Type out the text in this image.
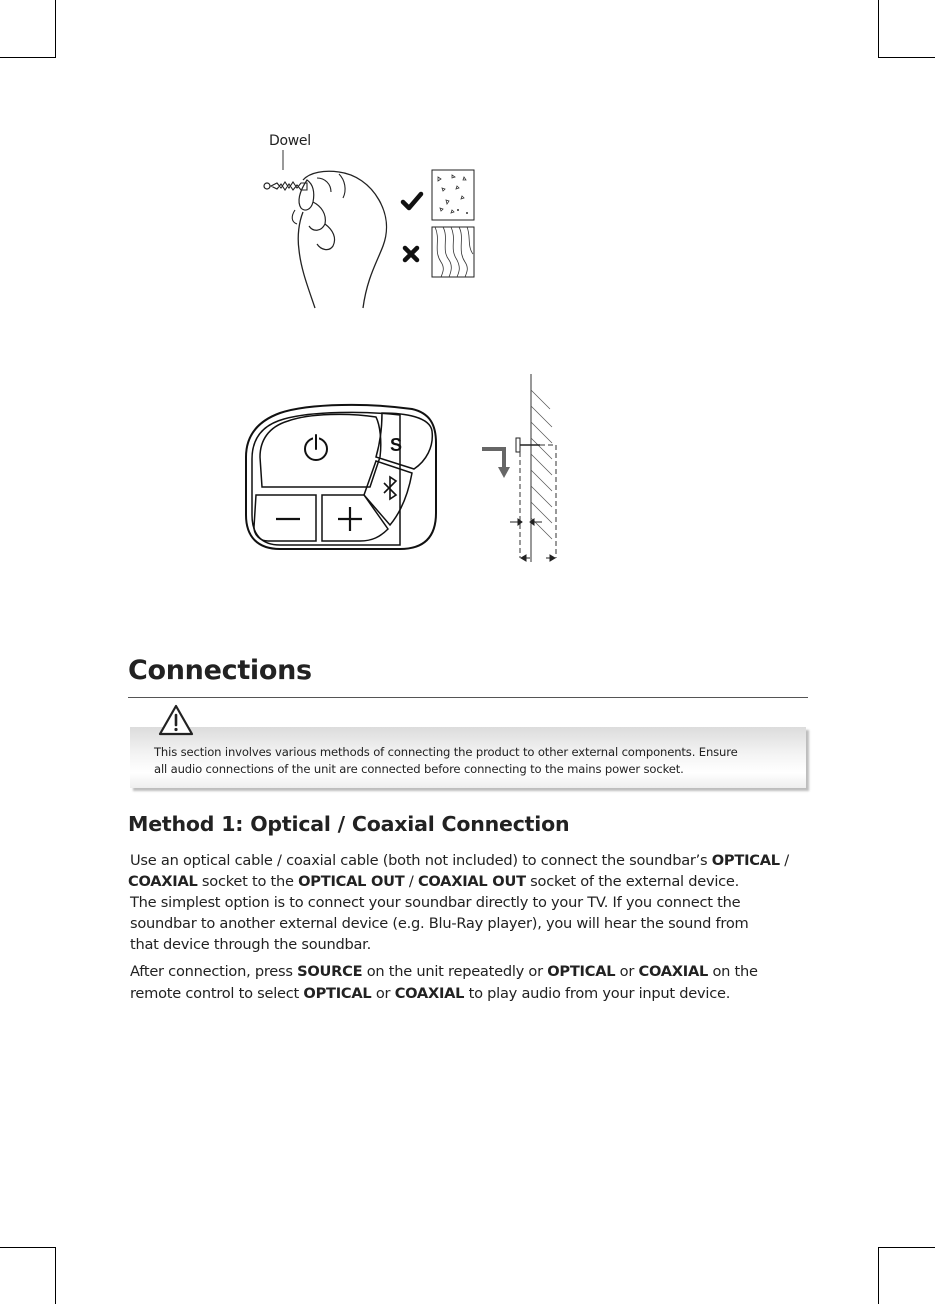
Dowel
S
Connections
This section involves various methods of connecting the product to other external components. Ensure
all audio connections of the unit are connected before connecting to the mains power socket.
Method 1: Optical / Coaxial Connection
Use an optical cable / coaxial cable (both not included) to connect the soundbar’s OPTICAL /
COAXIAL socket to the OPTICAL OUT / COAXIAL OUT socket of the external device.
The simplest option is to connect your soundbar directly to your TV. If you connect the
soundbar to another external device (e.g. Blu-Ray player), you will hear the sound from
that device through the soundbar.
After connection, press SOURCE on the unit repeatedly or OPTICAL or COAXIAL on the
remote control to select OPTICAL or COAXIAL to play audio from your input device.
